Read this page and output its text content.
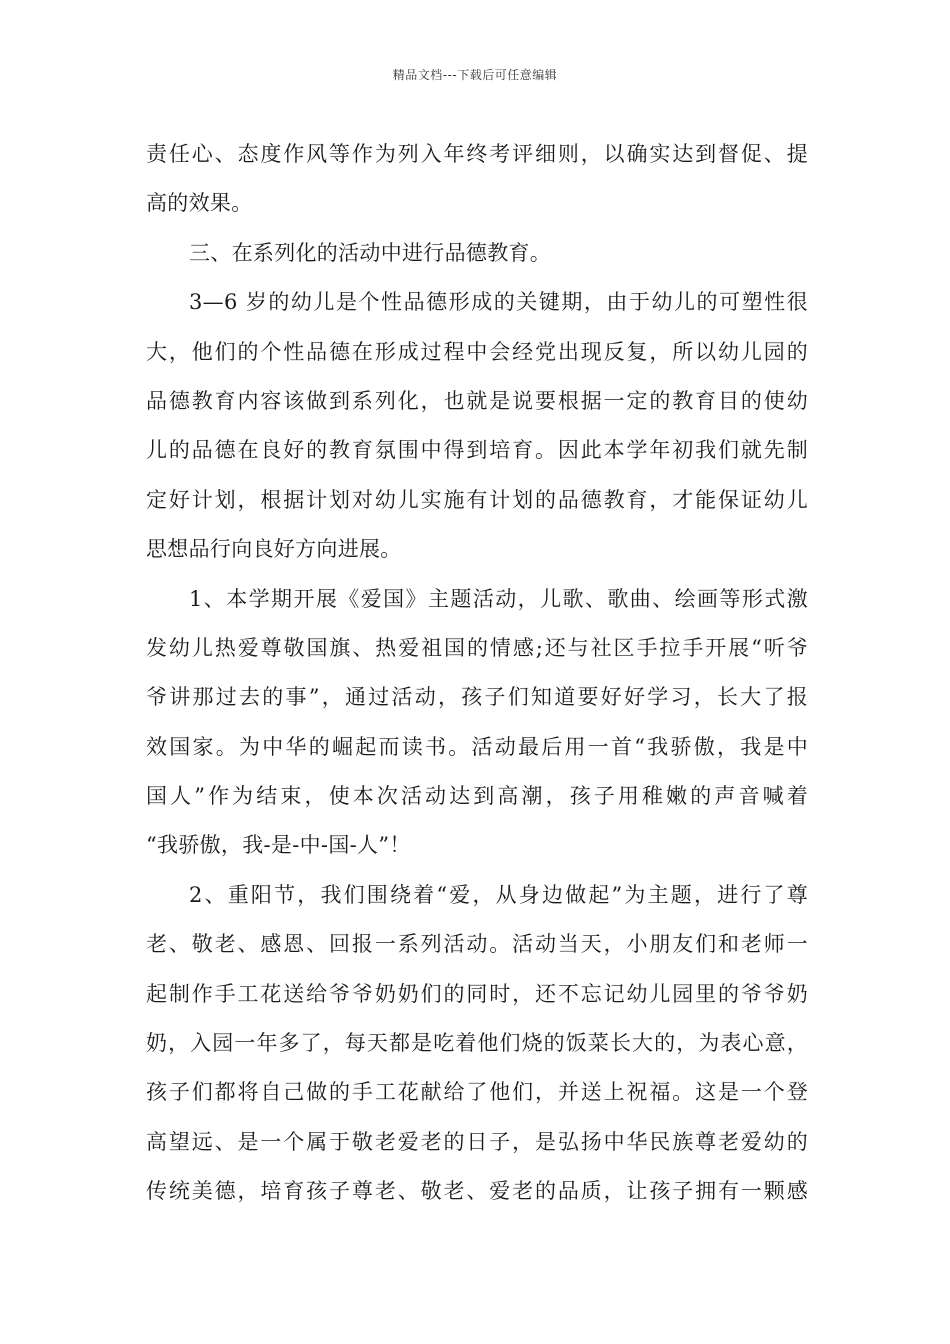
精品文档---下载后可任意编辑
责任心、态度作风等作为列入年终考评细则，以确实达到督促、提
高的效果。
三、在系列化的活动中进行品德教育。
3—6 岁的幼儿是个性品德形成的关键期，由于幼儿的可塑性很
大，他们的个性品德在形成过程中会经党出现反复，所以幼儿园的
品德教育内容该做到系列化，也就是说要根据一定的教育目的使幼
儿的品德在良好的教育氛围中得到培育。因此本学年初我们就先制
定好计划，根据计划对幼儿实施有计划的品德教育，才能保证幼儿
思想品行向良好方向进展。
1、本学期开展《爱国》主题活动，儿歌、歌曲、绘画等形式激
发幼儿热爱尊敬国旗、热爱祖国的情感;还与社区手拉手开展“听爷
爷讲那过去的事”，通过活动，孩子们知道要好好学习，长大了报
效国家。为中华的崛起而读书。活动最后用一首“我骄傲，我是中
国人”作为结束，使本次活动达到高潮，孩子用稚嫩的声音喊着
“我骄傲，我-是-中-国-人”！
2、重阳节，我们围绕着“爱，从身边做起”为主题，进行了尊
老、敬老、感恩、回报一系列活动。活动当天，小朋友们和老师一
起制作手工花送给爷爷奶奶们的同时，还不忘记幼儿园里的爷爷奶
奶，入园一年多了，每天都是吃着他们烧的饭菜长大的，为表心意，
孩子们都将自己做的手工花献给了他们，并送上祝福。这是一个登
高望远、是一个属于敬老爱老的日子，是弘扬中华民族尊老爱幼的
传统美德，培育孩子尊老、敬老、爱老的品质，让孩子拥有一颗感
